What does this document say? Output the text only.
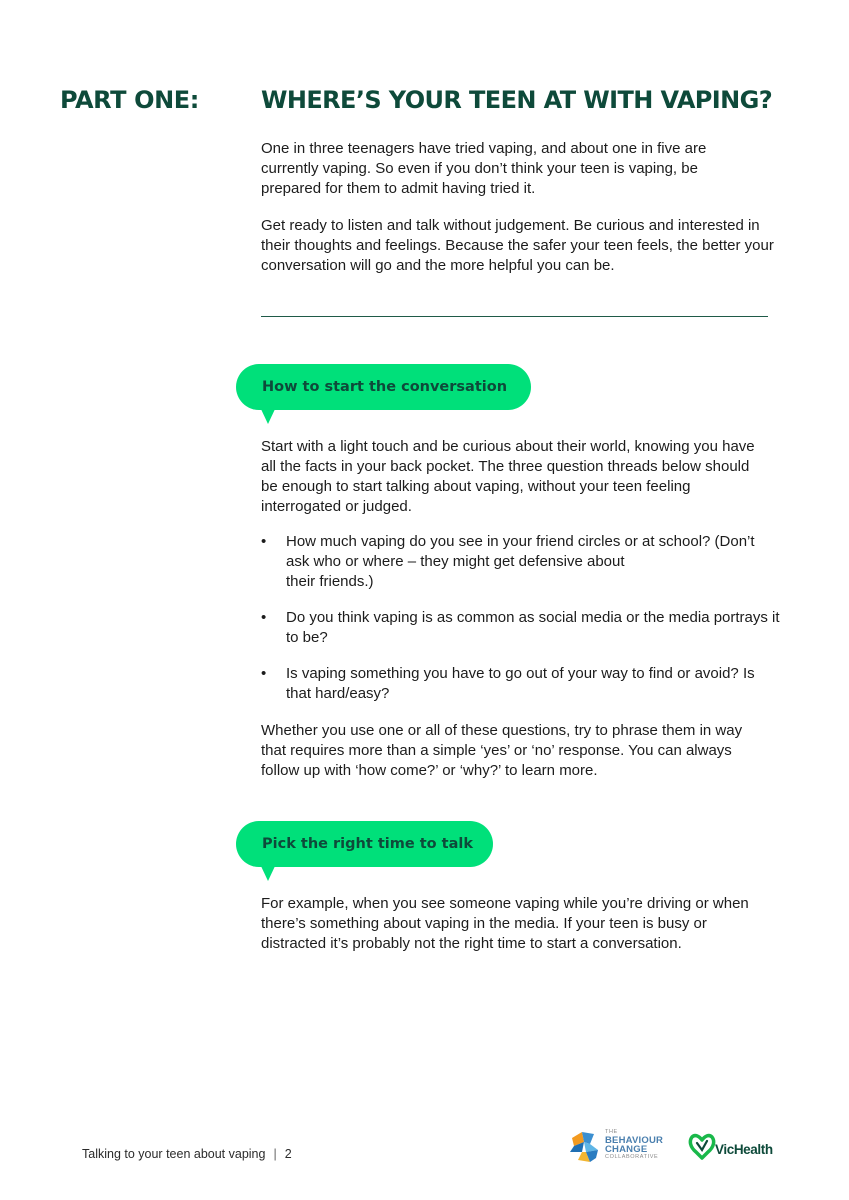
PART ONE:	WHERE’S YOUR TEEN AT WITH VAPING?

One in three teenagers have tried vaping, and about one in five are currently vaping. So even if you don’t think your teen is vaping, be prepared for them to admit having tried it.

Get ready to listen and talk without judgement. Be curious and interested in their thoughts and feelings. Because the safer your teen feels, the better your conversation will go and the more helpful you can be.

How to start the conversation

Start with a light touch and be curious about their world, knowing you have all the facts in your back pocket. The three question threads below should be enough to start talking about vaping, without your teen feeling interrogated or judged.

• How much vaping do you see in your friend circles or at school? (Don’t ask who or where – they might get defensive about
their friends.)
• Do you think vaping is as common as social media or the media portrays it to be?
• Is vaping something you have to go out of your way to find or avoid? Is that hard/easy?

Whether you use one or all of these questions, try to phrase them in way that requires more than a simple ‘yes’ or ‘no’ response. You can always follow up with ‘how come?’ or ‘why?’ to learn more.

Pick the right time to talk

For example, when you see someone vaping while you’re driving or when there’s something about vaping in the media. If your teen is busy or distracted it’s probably not the right time to start a conversation.

Talking to your teen about vaping | 2
THE
BEHAVIOUR
CHANGE
COLLABORATIVE	VicHealth
